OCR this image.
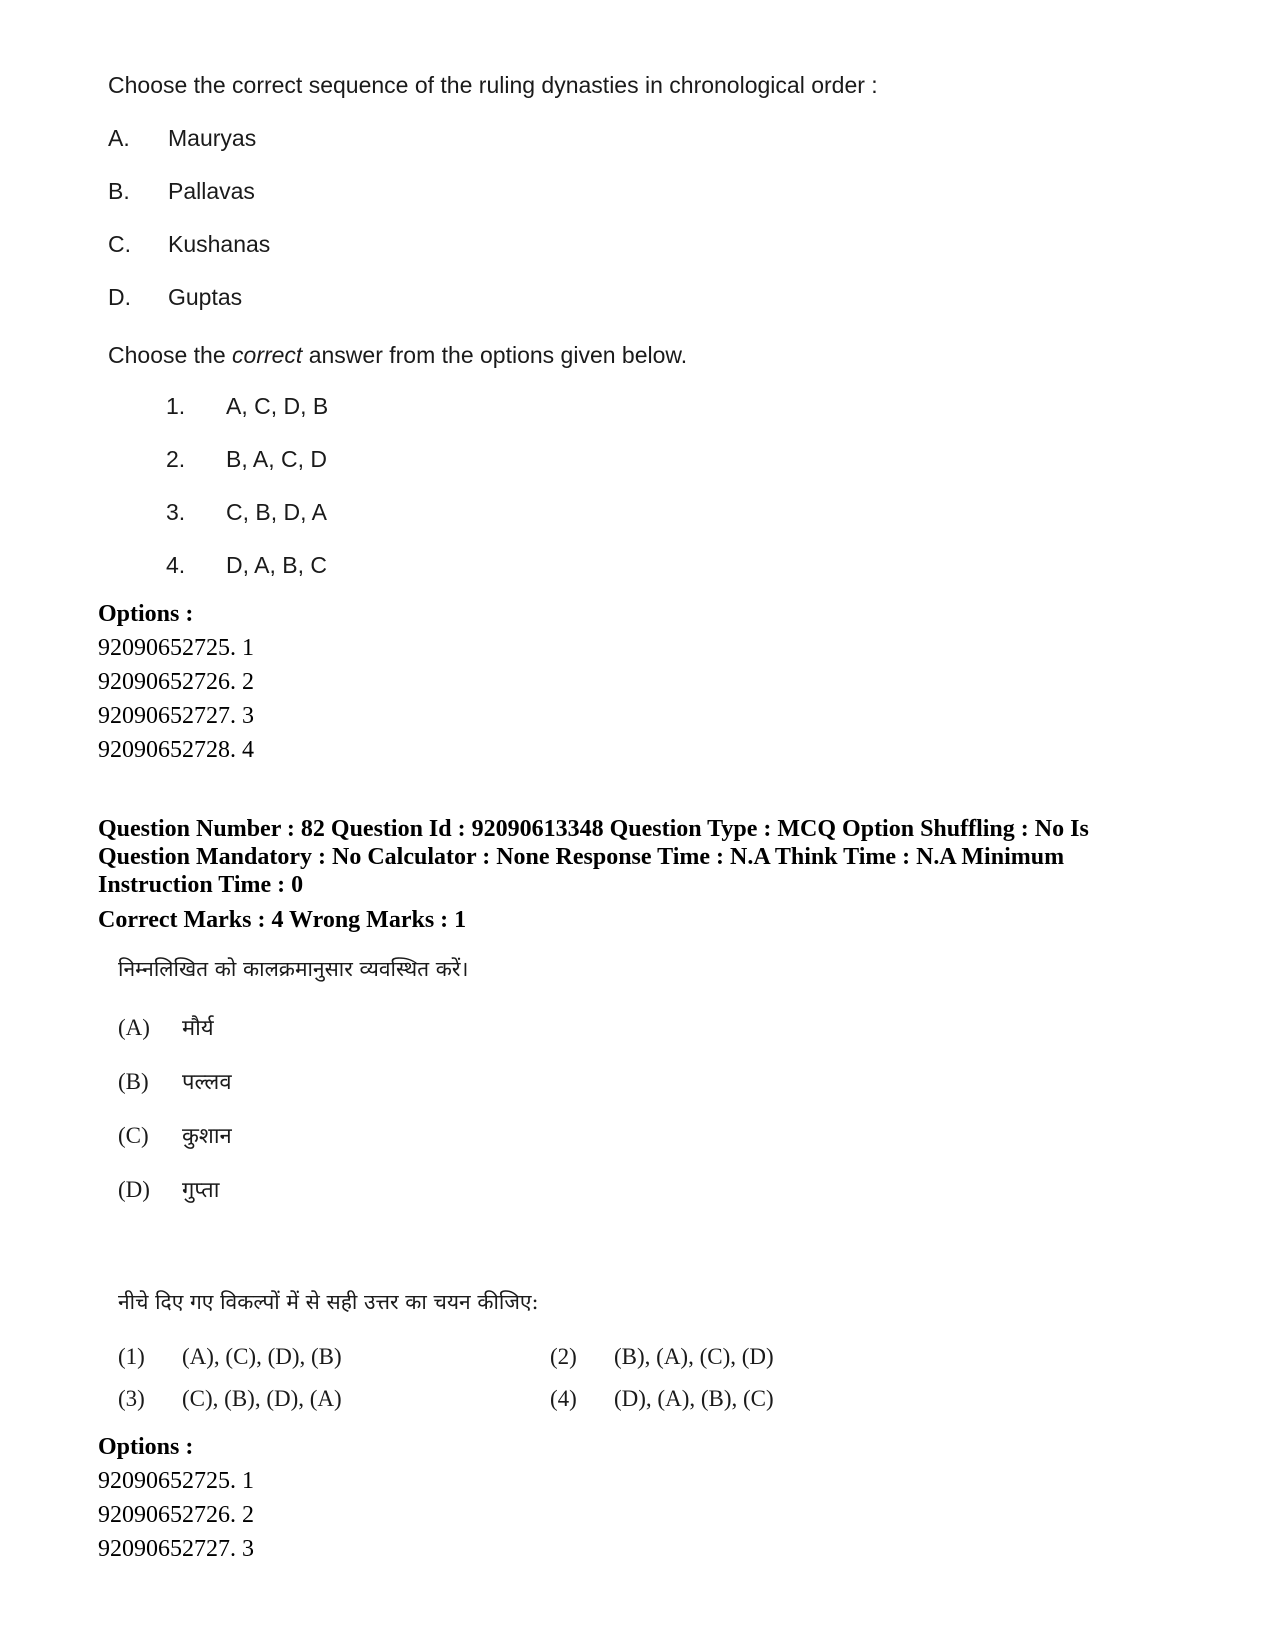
Choose the correct sequence of the ruling dynasties in chronological order :
A. Mauryas
B. Pallavas
C. Kushanas
D. Guptas
Choose the correct answer from the options given below.
1. A, C, D, B
2. B, A, C, D
3. C, B, D, A
4. D, A, B, C
Options :
92090652725. 1
92090652726. 2
92090652727. 3
92090652728. 4
Question Number : 82 Question Id : 92090613348 Question Type : MCQ Option Shuffling : No Is Question Mandatory : No Calculator : None Response Time : N.A Think Time : N.A Minimum Instruction Time : 0
Correct Marks : 4 Wrong Marks : 1
निम्नलिखित को कालक्रमानुसार व्यवस्थित करें।
(A) मौर्य
(B) पल्लव
(C) कुशान
(D) गुप्ता
नीचे दिए गए विकल्पों में से सही उत्तर का चयन कीजिए:
(1) (A), (C), (D), (B)	(2) (B), (A), (C), (D)
(3) (C), (B), (D), (A)	(4) (D), (A), (B), (C)
Options :
92090652725. 1
92090652726. 2
92090652727. 3
